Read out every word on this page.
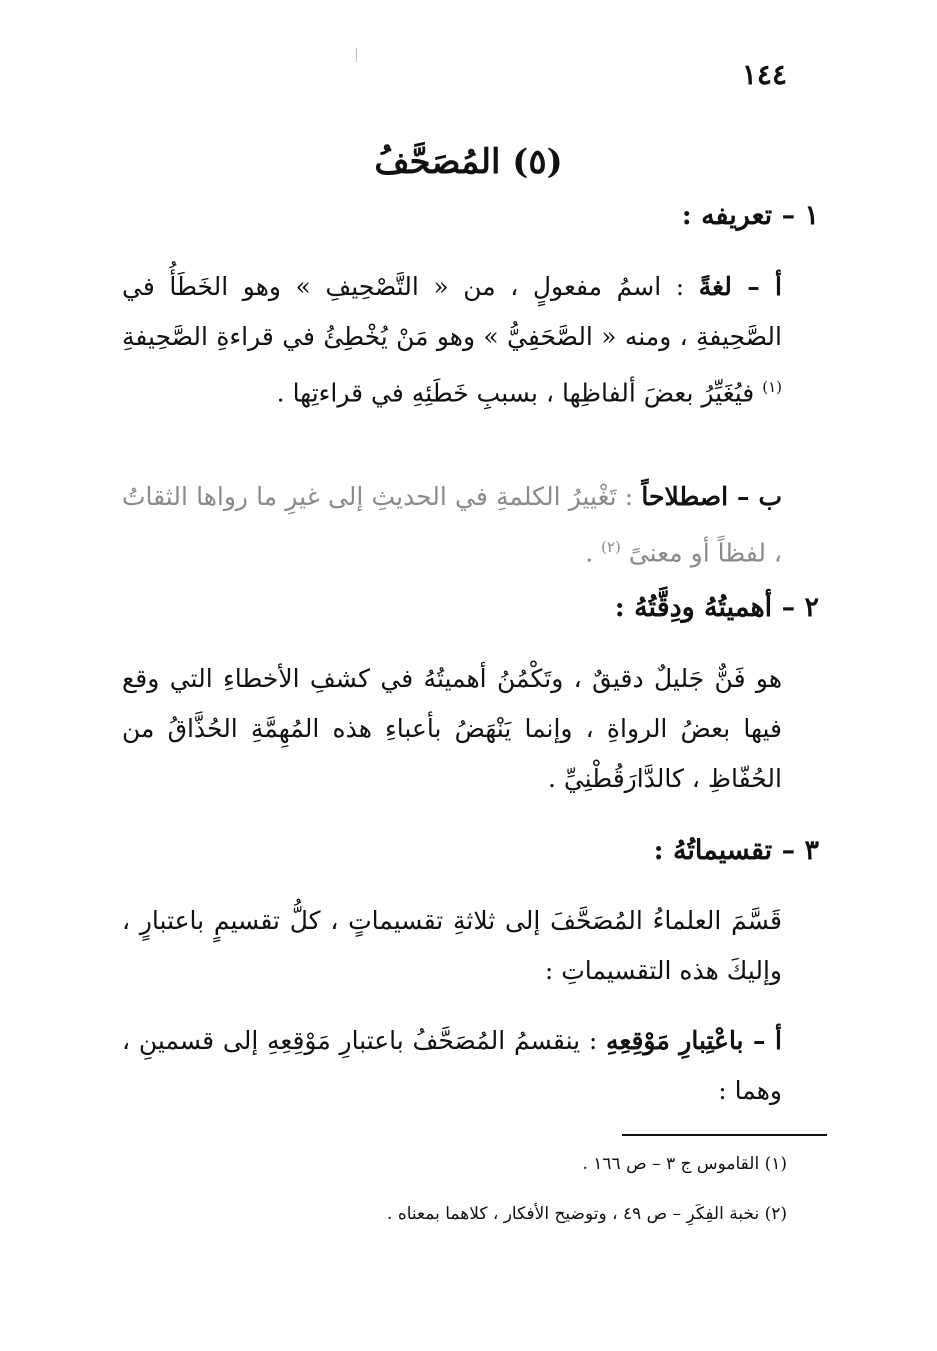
١٤٤
(٥) المُصَحَّفُ
١ – تعريفه :
أ – لغةً : اسمُ مفعولٍ ، من « التَّصْحِيفِ » وهو الخَطَأُ في الصَّحِيفةِ ، ومنه « الصَّحَفِيُّ » وهو مَنْ يُخْطِئُ في قراءةِ الصَّحِيفةِ $^{(١)}$ فيُغَيِّرُ بعضَ ألفاظِها ، بسببِ خَطَئِهِ في قراءتِها .
ب – اصطلاحاً : تَغْييرُ الكلمةِ في الحديثِ إلى غيرِ ما رواها الثقاتُ ، لفظاً أو معنىً $^{(٢)}$ .
٢ – أهميتُهُ ودِقَّتُهُ :
هو فَنٌّ جَليلٌ دقيقٌ ، وتَكْمُنُ أهميتُهُ في كشفِ الأخطاءِ التي وقع فيها بعضُ الرواةِ ، وإنما يَنْهَضُ بأعباءِ هذه المُهِمَّةِ الحُذَّاقُ من الحُفّاظِ ، كالدَّارَقُطْنِيِّ .
٣ – تقسيماتُهُ :
قَسَّمَ العلماءُ المُصَحَّفَ إلى ثلاثةِ تقسيماتٍ ، كلُّ تقسيمٍ باعتبارٍ ، وإليكَ هذه التقسيماتِ :
أ – باعْتِبارِ مَوْقِعِهِ : ينقسمُ المُصَحَّفُ باعتبارِ مَوْقِعِهِ إلى قسمينِ ، وهما :
(١) القاموس ج ٣ – ص ١٦٦ .
(٢) نخبة الفِكَرِ – ص ٤٩ ، وتوضيح الأفكار ، كلاهما بمعناه .
